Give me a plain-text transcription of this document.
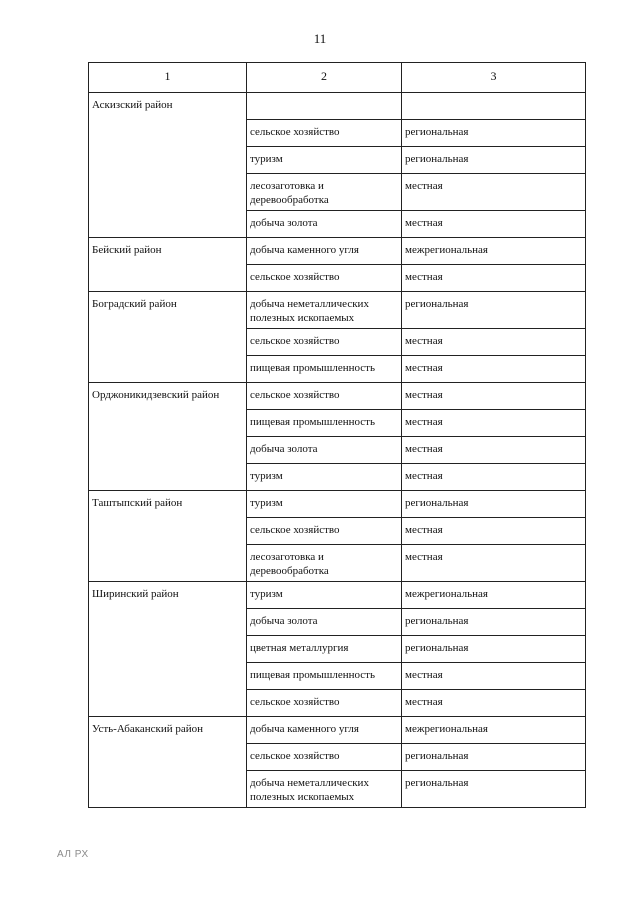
11
1	2	3
Аскизский район		
	сельское хозяйство	региональная
	туризм	региональная
	лесозаготовка и деревообработка	местная
	добыча золота	местная
Бейский район	добыча каменного угля	межрегиональная
	сельское хозяйство	местная
Боградский район	добыча неметаллических полезных ископаемых	региональная
	сельское хозяйство	местная
	пищевая промышленность	местная
Орджоникидзевский район	сельское хозяйство	местная
	пищевая промышленность	местная
	добыча золота	местная
	туризм	местная
Таштыпский район	туризм	региональная
	сельское хозяйство	местная
	лесозаготовка и деревообработка	местная
Ширинский район	туризм	межрегиональная
	добыча золота	региональная
	цветная металлургия	региональная
	пищевая промышленность	местная
	сельское хозяйство	местная
Усть-Абаканский район	добыча каменного угля	межрегиональная
	сельское хозяйство	региональная
	добыча неметаллических полезных ископаемых	региональная
АЛ РХ
